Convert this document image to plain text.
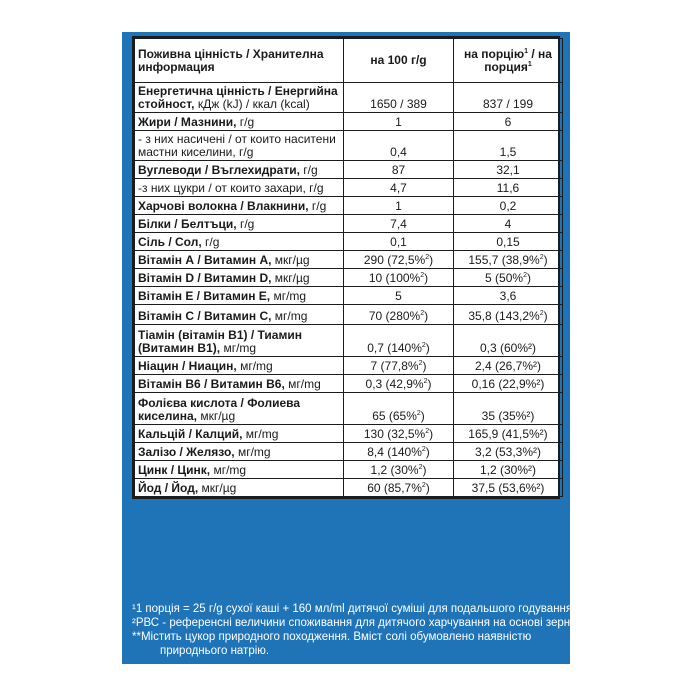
Поживна цінність / Хранителна информация	на 100 г/g	на порцію$^1$ / на порция$^1$
Енергетична цінність / Енергийна стойност, кДж (kJ) / ккал (kcal)	1650 / 389	837 / 199
Жири / Мазнини, г/g	1	6
- з них насичені / от които наситени мастни киселини, г/g	0,4	1,5
Вуглеводи / Въглехидрати, г/g	87	32,1
-з них цукри / от които захари, г/g	4,7	11,6
Харчові волокна / Влакнини, г/g	1	0,2
Білки / Белтъци, г/g	7,4	4
Сіль / Сол, г/g	0,1	0,15
Вітамін А / Витамин А, мкг/µg	290 (72,5%$^2$)	155,7 (38,9%$^2$)
Вітамін D / Витамин D, мкг/µg	10 (100%$^2$)	5 (50%$^2$)
Вітамін Е / Витамин Е, мг/mg	5	3,6
Вітамін С / Витамин С, мг/mg	70 (280%$^2$)	35,8 (143,2%$^2$)
Тіамін (вітамін В1) / Тиамин (Витамин В1), мг/mg	0,7 (140%$^2$)	0,3 (60%²)
Ніацин / Ниацин, мг/mg	7 (77,8%$^2$)	2,4 (26,7%²)
Вітамін В6 / Витамин В6, мг/mg	0,3 (42,9%$^2$)	0,16 (22,9%²)
Фолієва кислота / Фолиева киселина, мкг/µg	65 (65%$^2$)	35 (35%²)
Кальцій / Калций, мг/mg	130 (32,5%$^2$)	165,9 (41,5%²)
Залізо / Желязо, мг/mg	8,4 (140%$^2$)	3,2 (53,3%²)
Цинк / Цинк, мг/mg	1,2 (30%$^2$)	1,2 (30%²)
Йод / Йод, мкг/µg	60 (85,7%$^2$)	37,5 (53,6%²)

¹1 порція = 25 г/g сухої каші + 160 мл/ml дитячої суміші для подальшого годування.

²РВС - референсні величини споживання для дитячого харчування на основі зернових.

**Містить цукор природного походження. Вміст солі обумовлено наявністю

природнього натрію.
